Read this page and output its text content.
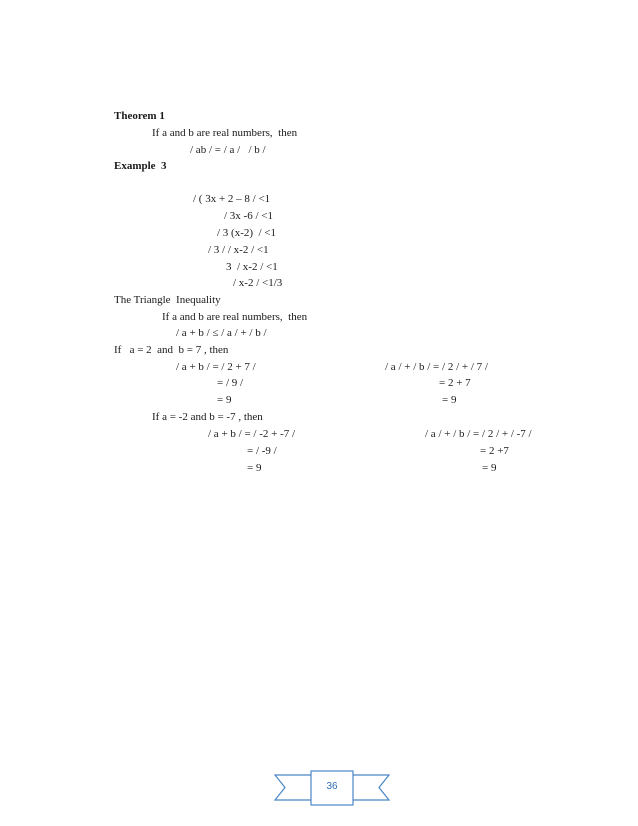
Theorem 1
If a and b are real numbers,  then
/ ab / = / a /   / b /
Example  3
/ ( 3x + 2 – 8 / <1
/ 3x -6 / <1
/ 3 (x-2)  / <1
/ 3 / / x-2 / <1
3  / x-2 / <1
/ x-2 / <1/3
The Triangle  Inequality
If a and b are real numbers,  then
/ a + b / ≤ / a / + / b /
If   a = 2  and  b = 7 , then
/ a + b / = / 2 + 7 /
= / 9 /
= 9
/ a / + / b / = / 2 / + / 7 /
= 2 + 7
= 9
If a = -2 and b = -7 , then
/ a + b / = / -2 + -7 /
= / -9 /
= 9
/ a / + / b / = / 2 / + / -7 /
= 2 +7
= 9
36
